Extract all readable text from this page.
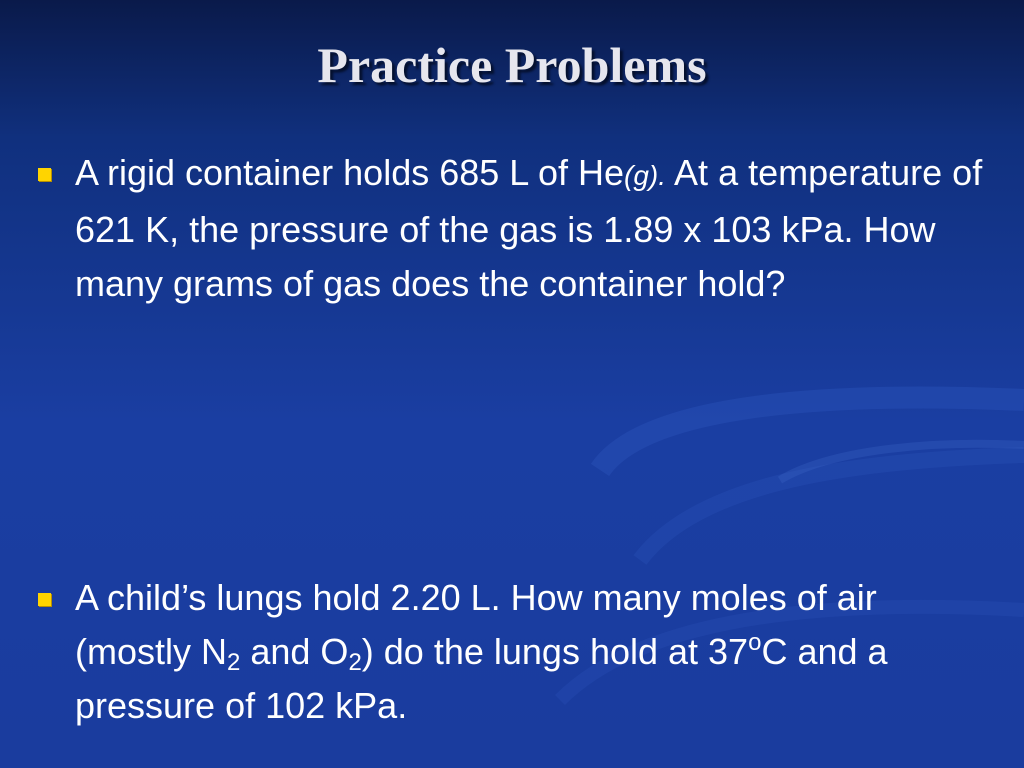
Practice Problems
A rigid container holds 685 L of He(g). At a temperature of 621 K, the pressure of the gas is 1.89 x 103 kPa. How many grams of gas does the container hold?
A child’s lungs hold 2.20 L. How many moles of air (mostly $N_2$ and $O_2$) do the lungs hold at 37$^o$C and a pressure of 102 kPa.
